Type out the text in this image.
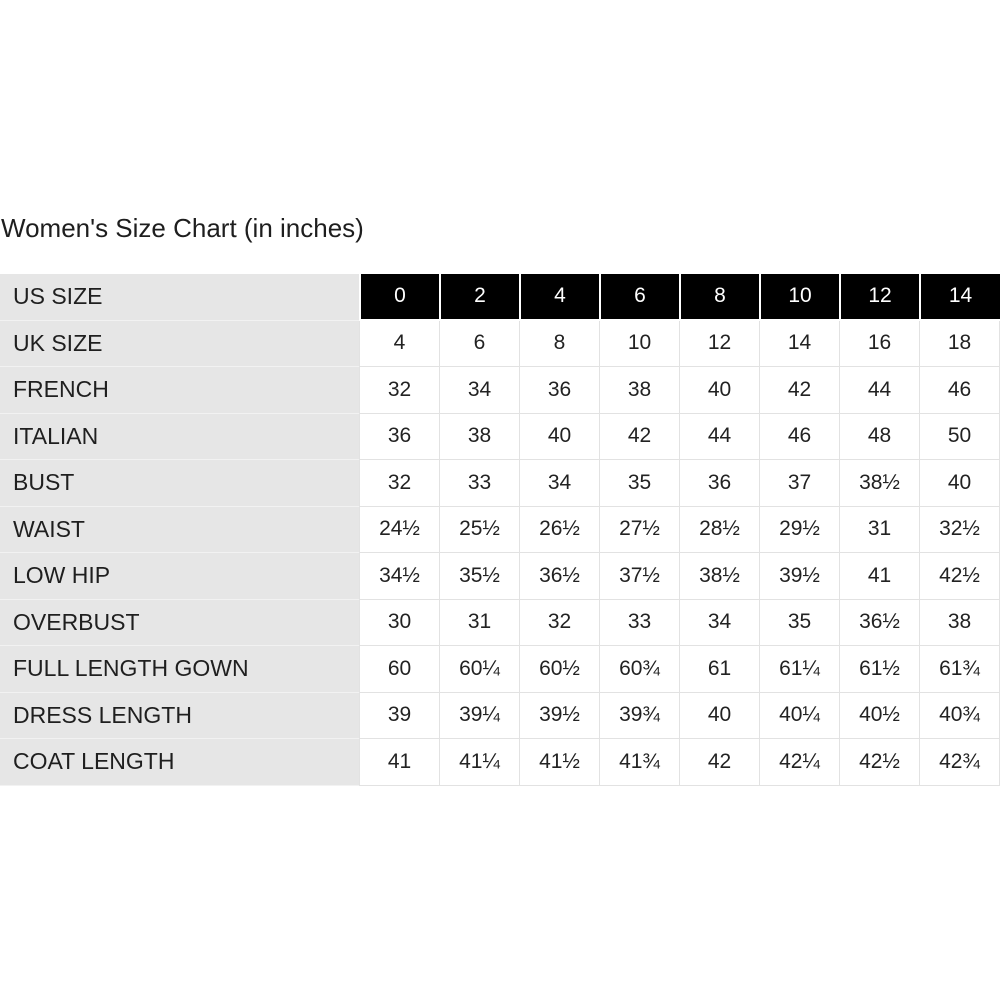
Women's Size Chart (in inches)
US SIZE	0	2	4	6	8	10	12	14
UK SIZE	4	6	8	10	12	14	16	18
FRENCH	32	34	36	38	40	42	44	46
ITALIAN	36	38	40	42	44	46	48	50
BUST	32	33	34	35	36	37	38½	40
WAIST	24½	25½	26½	27½	28½	29½	31	32½
LOW HIP	34½	35½	36½	37½	38½	39½	41	42½
OVERBUST	30	31	32	33	34	35	36½	38
FULL LENGTH GOWN	60	60¼	60½	60¾	61	61¼	61½	61¾
DRESS LENGTH	39	39¼	39½	39¾	40	40¼	40½	40¾
COAT LENGTH	41	41¼	41½	41¾	42	42¼	42½	42¾
